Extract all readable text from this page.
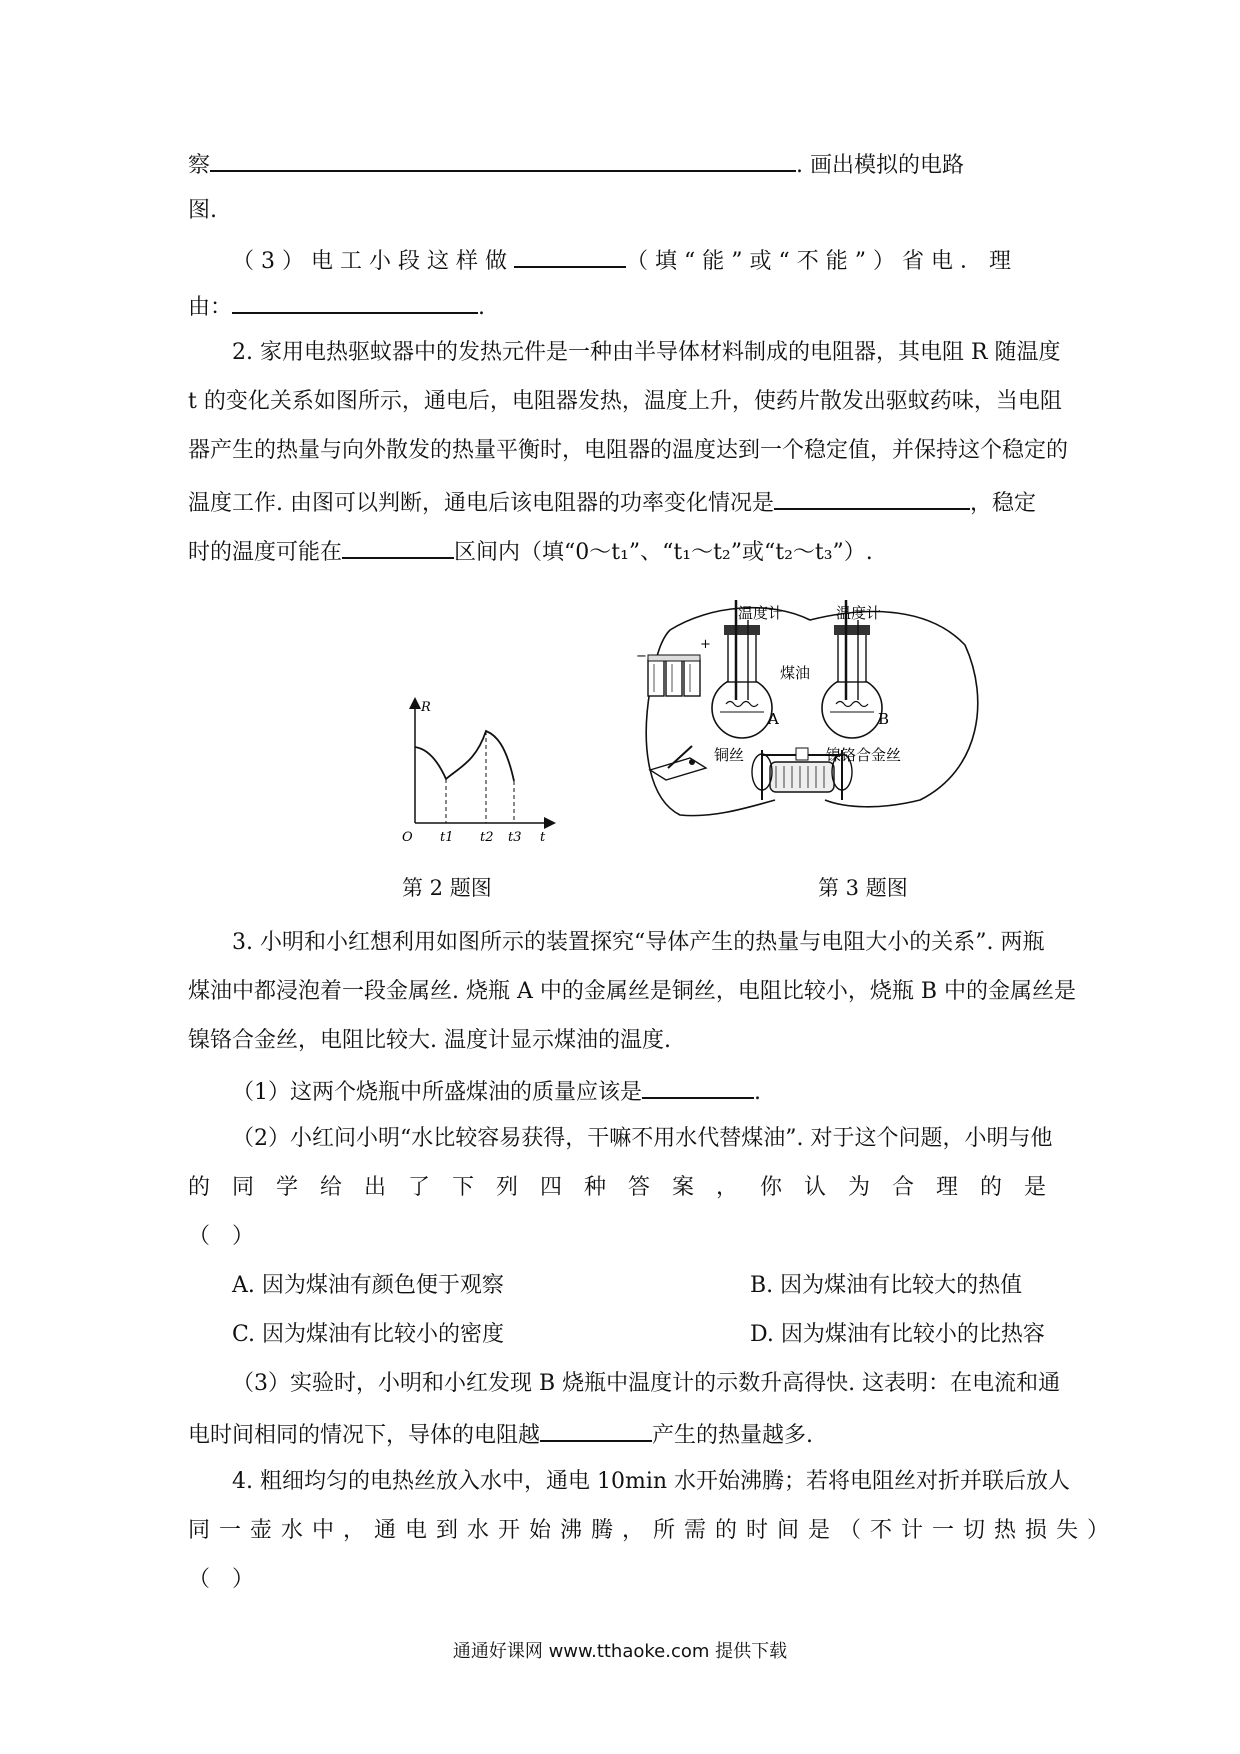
察	. 画出模拟的电路
图.
（3）电工小段这样做	（填“能”或“不能”）省电．理
由：	.
2. 家用电热驱蚊器中的发热元件是一种由半导体材料制成的电阻器，其电阻 R 随温度
t 的变化关系如图所示，通电后，电阻器发热，温度上升，使药片散发出驱蚊药味，当电阻
器产生的热量与向外散发的热量平衡时，电阻器的温度达到一个稳定值，并保持这个稳定的
温度工作. 由图可以判断，通电后该电阻器的功率变化情况是	，稳定
时的温度可能在	区间内（填“0～t₁”、“t₁～t₂”或“t₂～t₃”）.
R
O t1 t2 t3 t
第 2 题图
−
+
温度计	温度计
煤油
A	B
铜丝	镍铬合金丝
第 3 题图
3. 小明和小红想利用如图所示的装置探究“导体产生的热量与电阻大小的关系”. 两瓶
煤油中都浸泡着一段金属丝. 烧瓶 A 中的金属丝是铜丝，电阻比较小，烧瓶 B 中的金属丝是
镍铬合金丝，电阻比较大. 温度计显示煤油的温度.
（1）这两个烧瓶中所盛煤油的质量应该是	.
（2）小红问小明“水比较容易获得，干嘛不用水代替煤油”. 对于这个问题，小明与他
的同学给出了下列四种答案，你认为合理的是
（　）
A. 因为煤油有颜色便于观察	B. 因为煤油有比较大的热值
C. 因为煤油有比较小的密度	D. 因为煤油有比较小的比热容
（3）实验时，小明和小红发现 B 烧瓶中温度计的示数升高得快. 这表明：在电流和通
电时间相同的情况下，导体的电阻越	产生的热量越多.
4. 粗细均匀的电热丝放入水中，通电 10min 水开始沸腾；若将电阻丝对折并联后放人
同一壶水中，通电到水开始沸腾，所需的时间是（不计一切热损失）
（　）
通通好课网 www.tthaoke.com 提供下载
